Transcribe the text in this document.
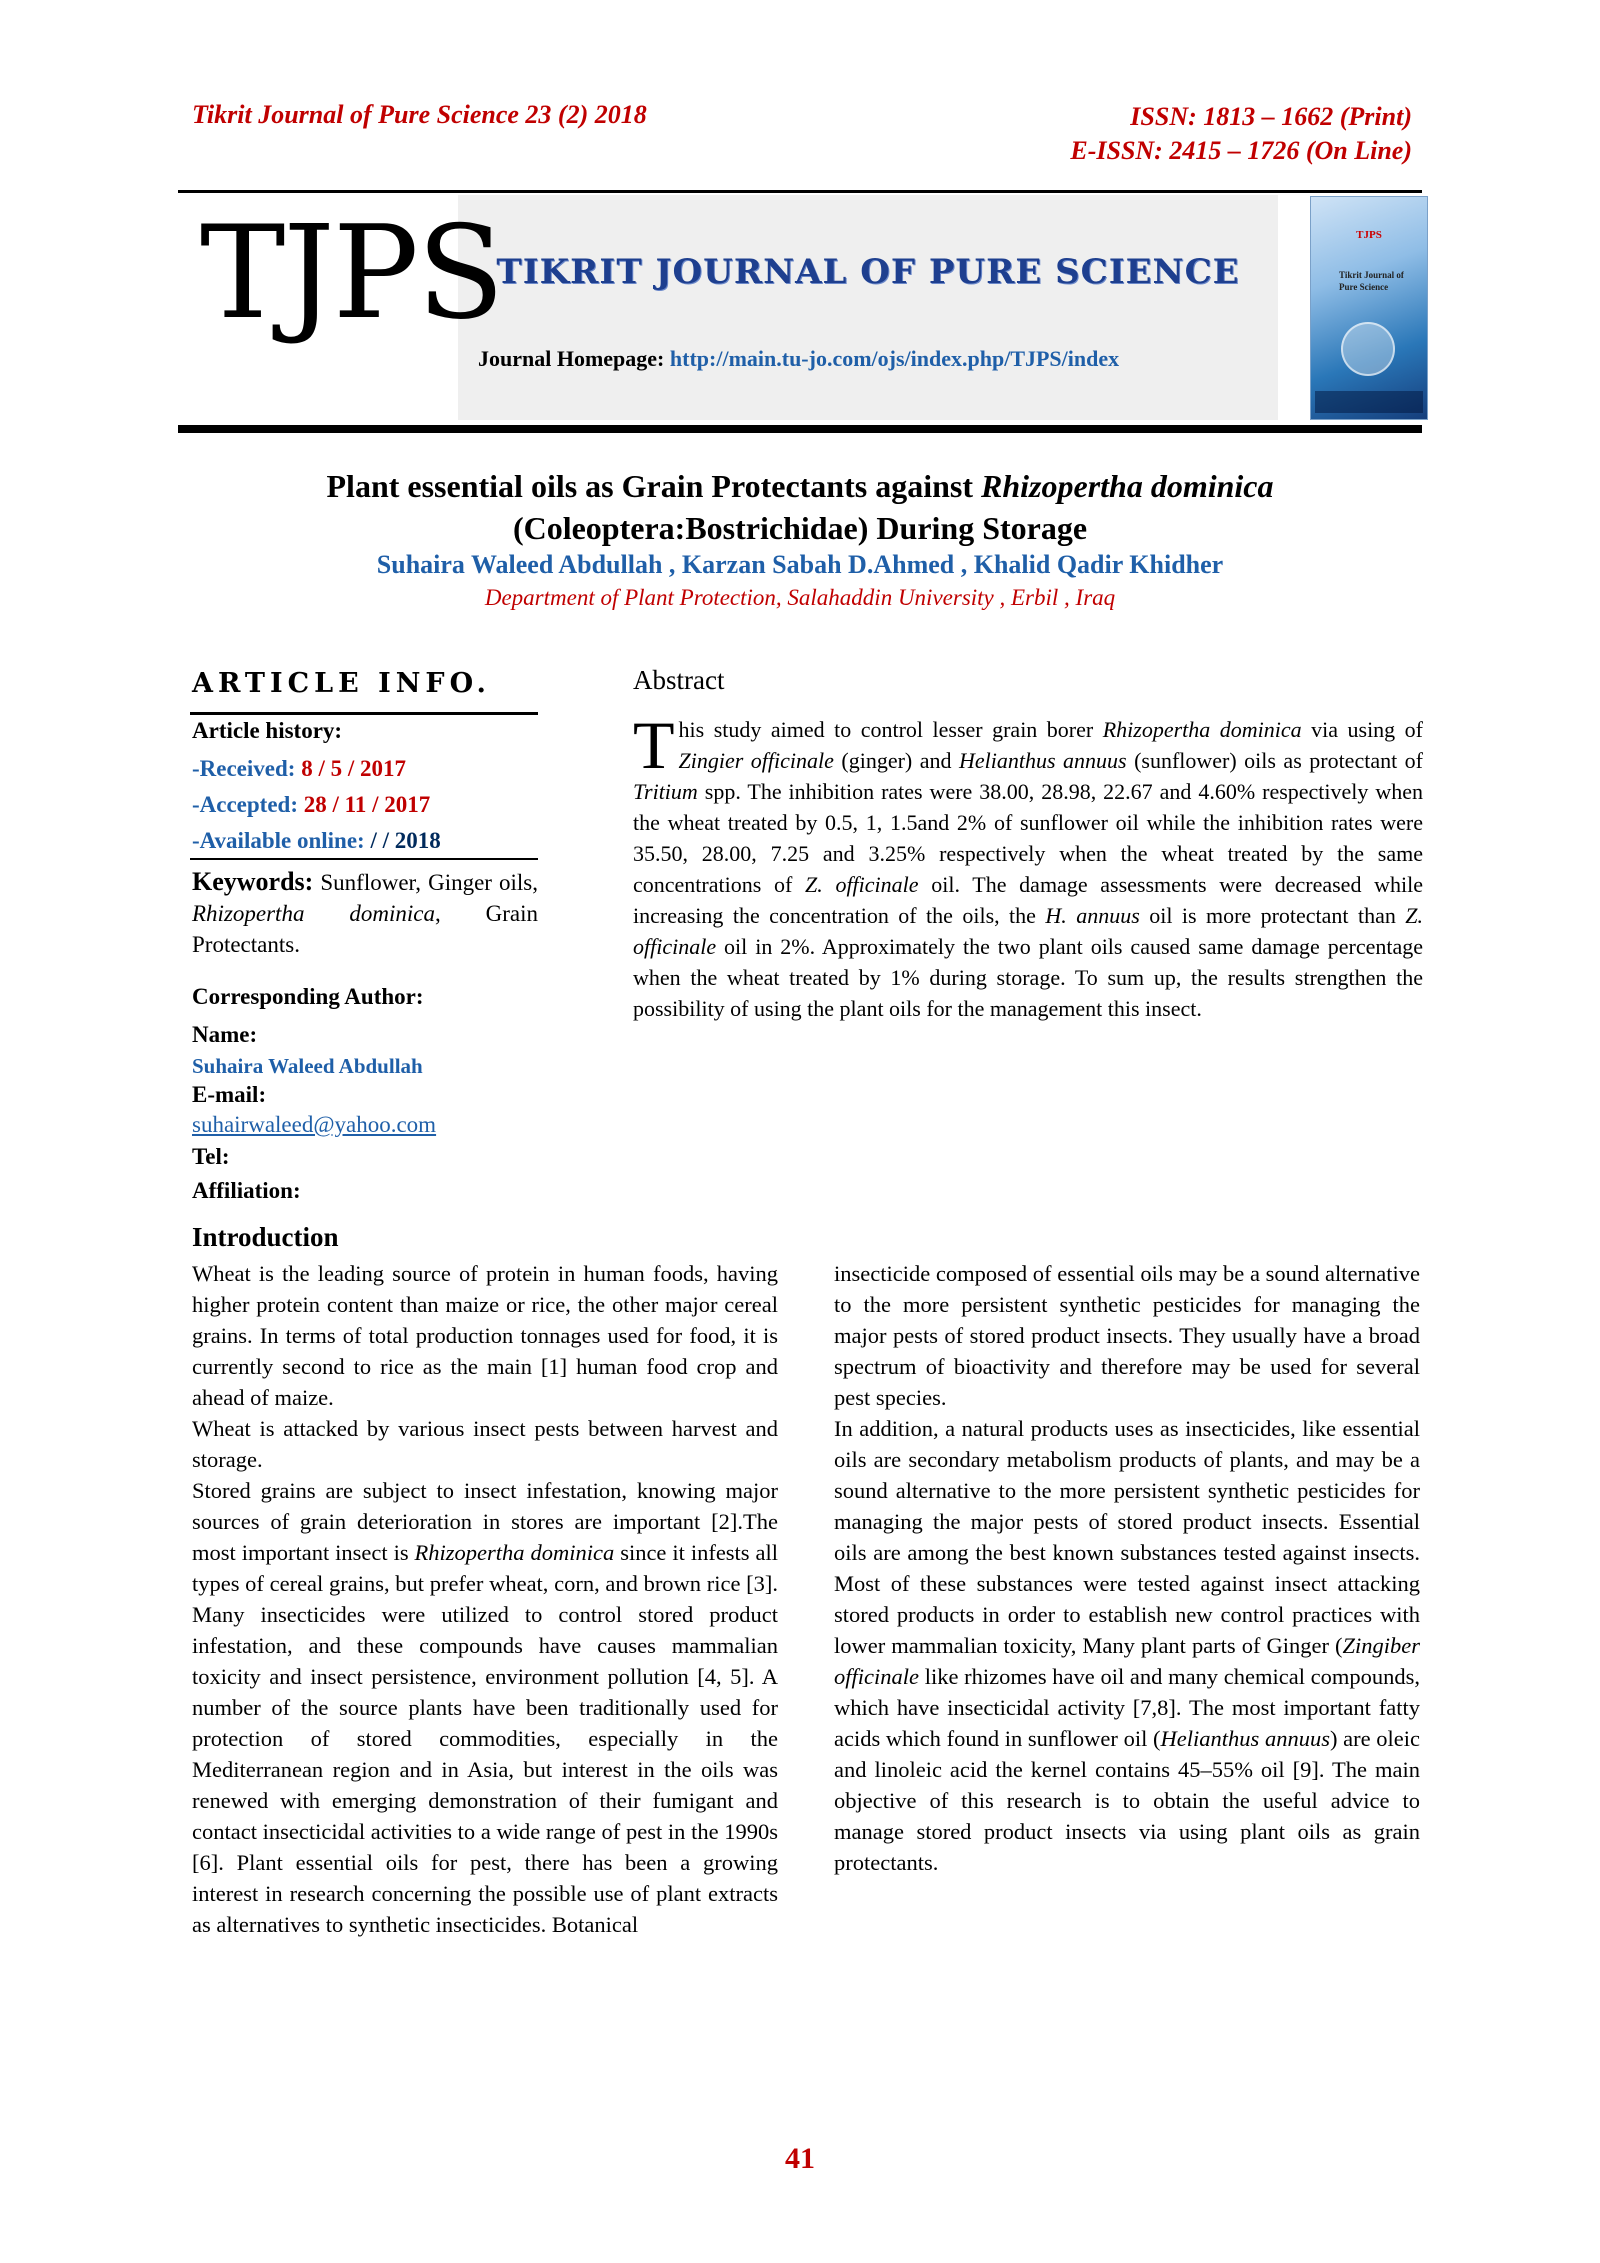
Tikrit Journal of Pure Science 23 (2) 2018	ISSN: 1813 – 1662 (Print)
E-ISSN: 2415 – 1726 (On Line)
TJPS
TIKRIT JOURNAL OF PURE SCIENCE
Journal Homepage: http://main.tu-jo.com/ojs/index.php/TJPS/index
TJPS
Tikrit Journal of
Pure Science
Plant essential oils as Grain Protectants against Rhizopertha dominica
(Coleoptera:Bostrichidae) During Storage
Suhaira Waleed Abdullah , Karzan Sabah D.Ahmed , Khalid Qadir Khidher
Department of Plant Protection, Salahaddin University , Erbil , Iraq
ARTICLE INFO.
Article history:
-Received: 8 / 5 / 2017
-Accepted: 28 / 11 / 2017
-Available online: / / 2018
Keywords: Sunflower, Ginger oils, Rhizopertha dominica, Grain Protectants.
Corresponding Author:
Name:
Suhaira Waleed Abdullah
E-mail:
suhairwaleed@yahoo.com
Tel:
Affiliation:
Abstract
This study aimed to control lesser grain borer Rhizopertha dominica via using of Zingier officinale (ginger) and Helianthus annuus (sunflower) oils as protectant of Tritium spp. The inhibition rates were 38.00, 28.98, 22.67 and 4.60% respectively when the wheat treated by 0.5, 1, 1.5and 2% of sunflower oil while the inhibition rates were 35.50, 28.00, 7.25 and 3.25% respectively when the wheat treated by the same concentrations of Z. officinale oil. The damage assessments were decreased while increasing the concentration of the oils, the H. annuus oil is more protectant than Z. officinale oil in 2%. Approximately the two plant oils caused same damage percentage when the wheat treated by 1% during storage. To sum up, the results strengthen the possibility of using the plant oils for the management this insect.
Introduction

Wheat is the leading source of protein in human foods, having higher protein content than maize or rice, the other major cereal grains. In terms of total production tonnages used for food, it is currently second to rice as the main [1] human food crop and ahead of maize.

Wheat is attacked by various insect pests between harvest and storage.

Stored grains are subject to insect infestation, knowing major sources of grain deterioration in stores are important [2].The most important insect is Rhizopertha dominica since it infests all types of cereal grains, but prefer wheat, corn, and brown rice [3]. Many insecticides were utilized to control stored product infestation, and these compounds have causes mammalian toxicity and insect persistence, environment pollution [4, 5]. A number of the source plants have been traditionally used for protection of stored commodities, especially in the Mediterranean region and in Asia, but interest in the oils was renewed with emerging demonstration of their fumigant and contact insecticidal activities to a wide range of pest in the 1990s [6]. Plant essential oils for pest, there has been a growing interest in research concerning the possible use of plant extracts as alternatives to synthetic insecticides. Botanical

insecticide composed of essential oils may be a sound alternative to the more persistent synthetic pesticides for managing the major pests of stored product insects. They usually have a broad spectrum of bioactivity and therefore may be used for several pest species.

In addition, a natural products uses as insecticides, like essential oils are secondary metabolism products of plants, and may be a sound alternative to the more persistent synthetic pesticides for managing the major pests of stored product insects. Essential oils are among the best known substances tested against insects. Most of these substances were tested against insect attacking stored products in order to establish new control practices with lower mammalian toxicity, Many plant parts of Ginger (Zingiber officinale like rhizomes have oil and many chemical compounds, which have insecticidal activity [7,8]. The most important fatty acids which found in sunflower oil (Helianthus annuus) are oleic and linoleic acid the kernel contains 45–55% oil [9]. The main objective of this research is to obtain the useful advice to manage stored product insects via using plant oils as grain protectants.

41
